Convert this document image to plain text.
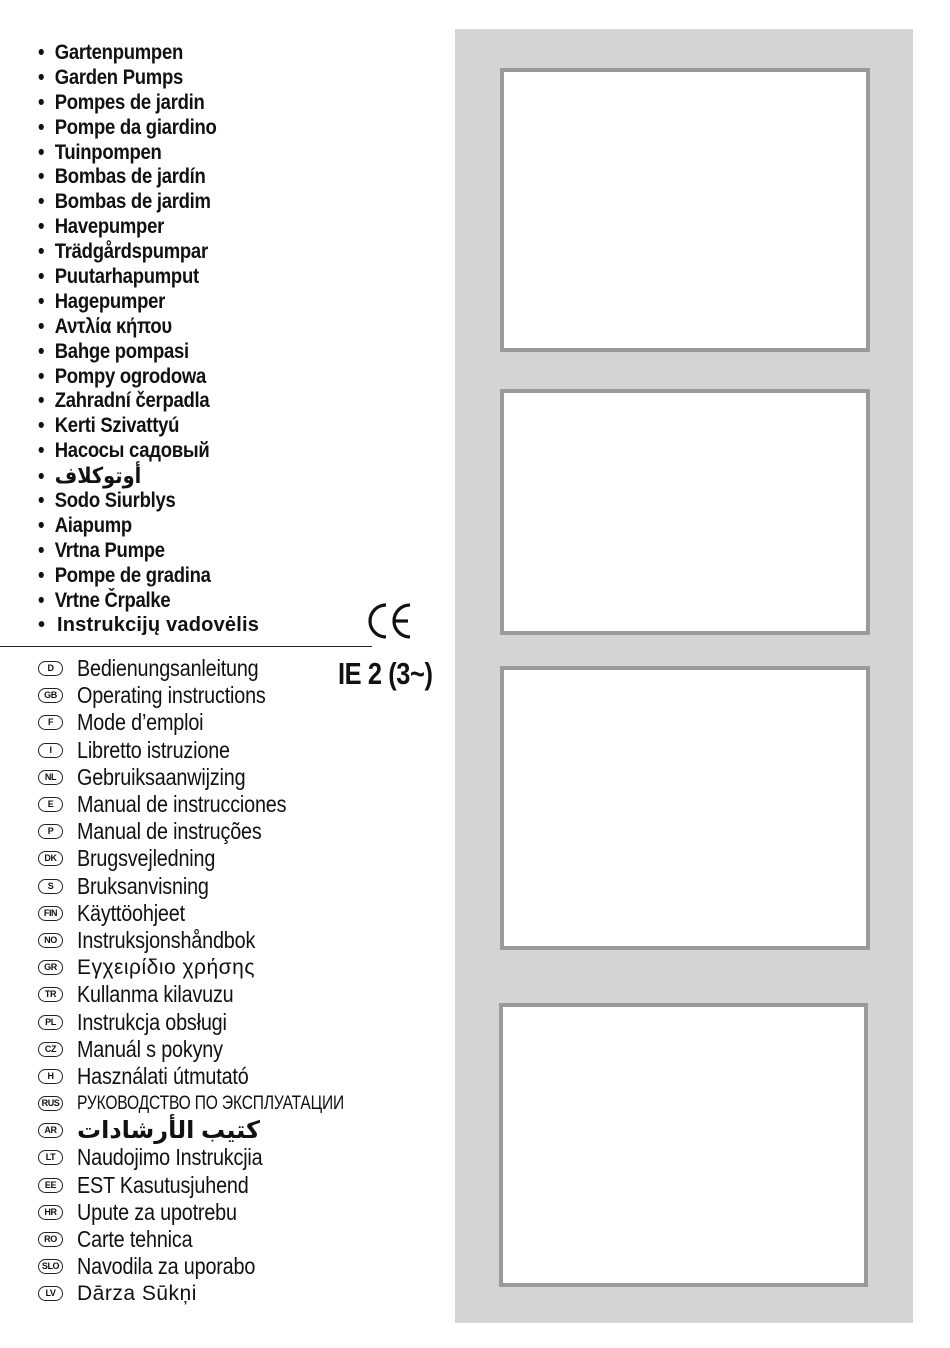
• Gartenpumpen
• Garden Pumps
• Pompes de jardin
• Pompe da giardino
• Tuinpompen
• Bombas de jardín
• Bombas de jardim
• Havepumper
• Trädgårdspumpar
• Puutarhapumput
• Hagepumper
• Αντλία κήπου
• Bahge pompasi
• Pompy ogrodowa
• Zahradní čerpadla
• Kerti Szivattyú
• Насосы садовый
• أوتوكلاف
• Sodo Siurblys
• Aiapump
• Vrtna Pumpe
• Pompe de gradina
• Vrtne Črpalke
• Instrukcijų vadovėlis
IE 2 (3~)
D	Bedienungsanleitung
GB Operating instructions
F	Mode d’emploi
I	Libretto istruzione
NL Gebruiksaanwijzing
E	Manual de instrucciones
P	Manual de instruções
DK Brugsvejledning
S	Bruksanvisning
FIN Käyttöohjeet
NO Instruksjonshåndbok
GR Εγχειρίδιο χρήσης
TR Kullanma kilavuzu
PL Instrukcja obsługi
CZ Manuál s pokyny
H	Használati útmutató
RUS РУКОВОДСТВО ПО ЭКСПЛУАТАЦИИ
AR كتيب الأرشادات
LT Naudojimo Instrukcjia
EE EST Kasutusjuhend
HR Upute za upotrebu
RO Carte tehnica
SLO Navodila za uporabo
LV	Dārza Sūkņi
